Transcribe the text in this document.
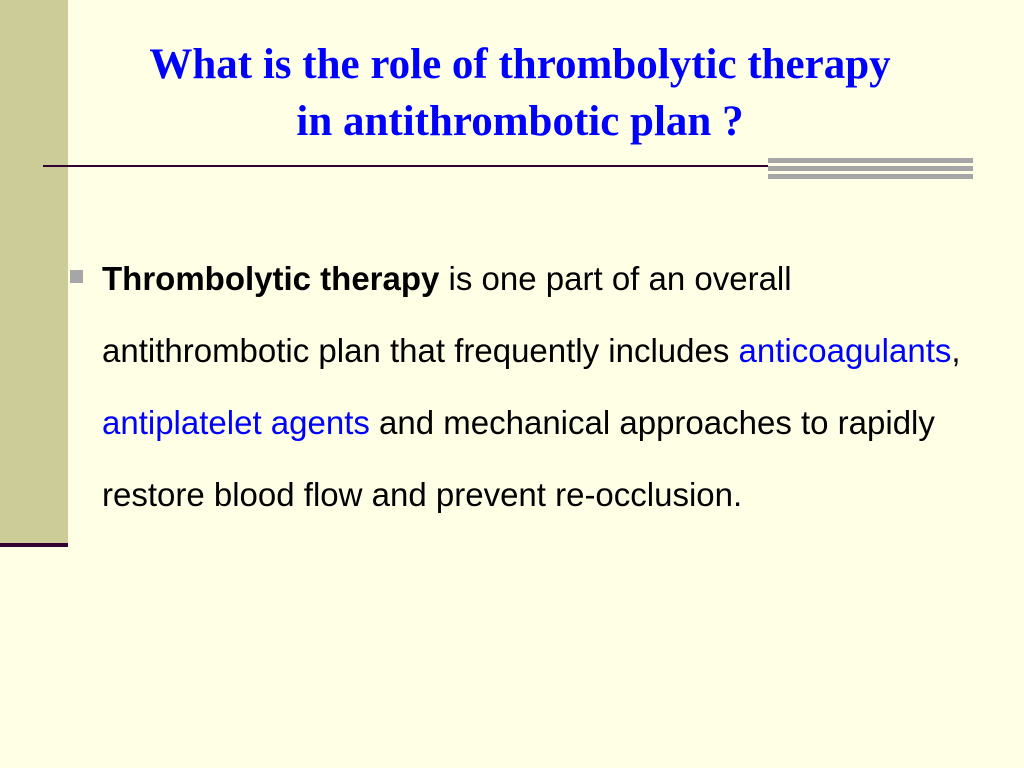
What is the role of thrombolytic therapy
in antithrombotic plan ?

Thrombolytic therapy is one part of an overall antithrombotic plan that frequently includes anticoagulants, antiplatelet agents and mechanical approaches to rapidly restore blood flow and prevent re-occlusion.
